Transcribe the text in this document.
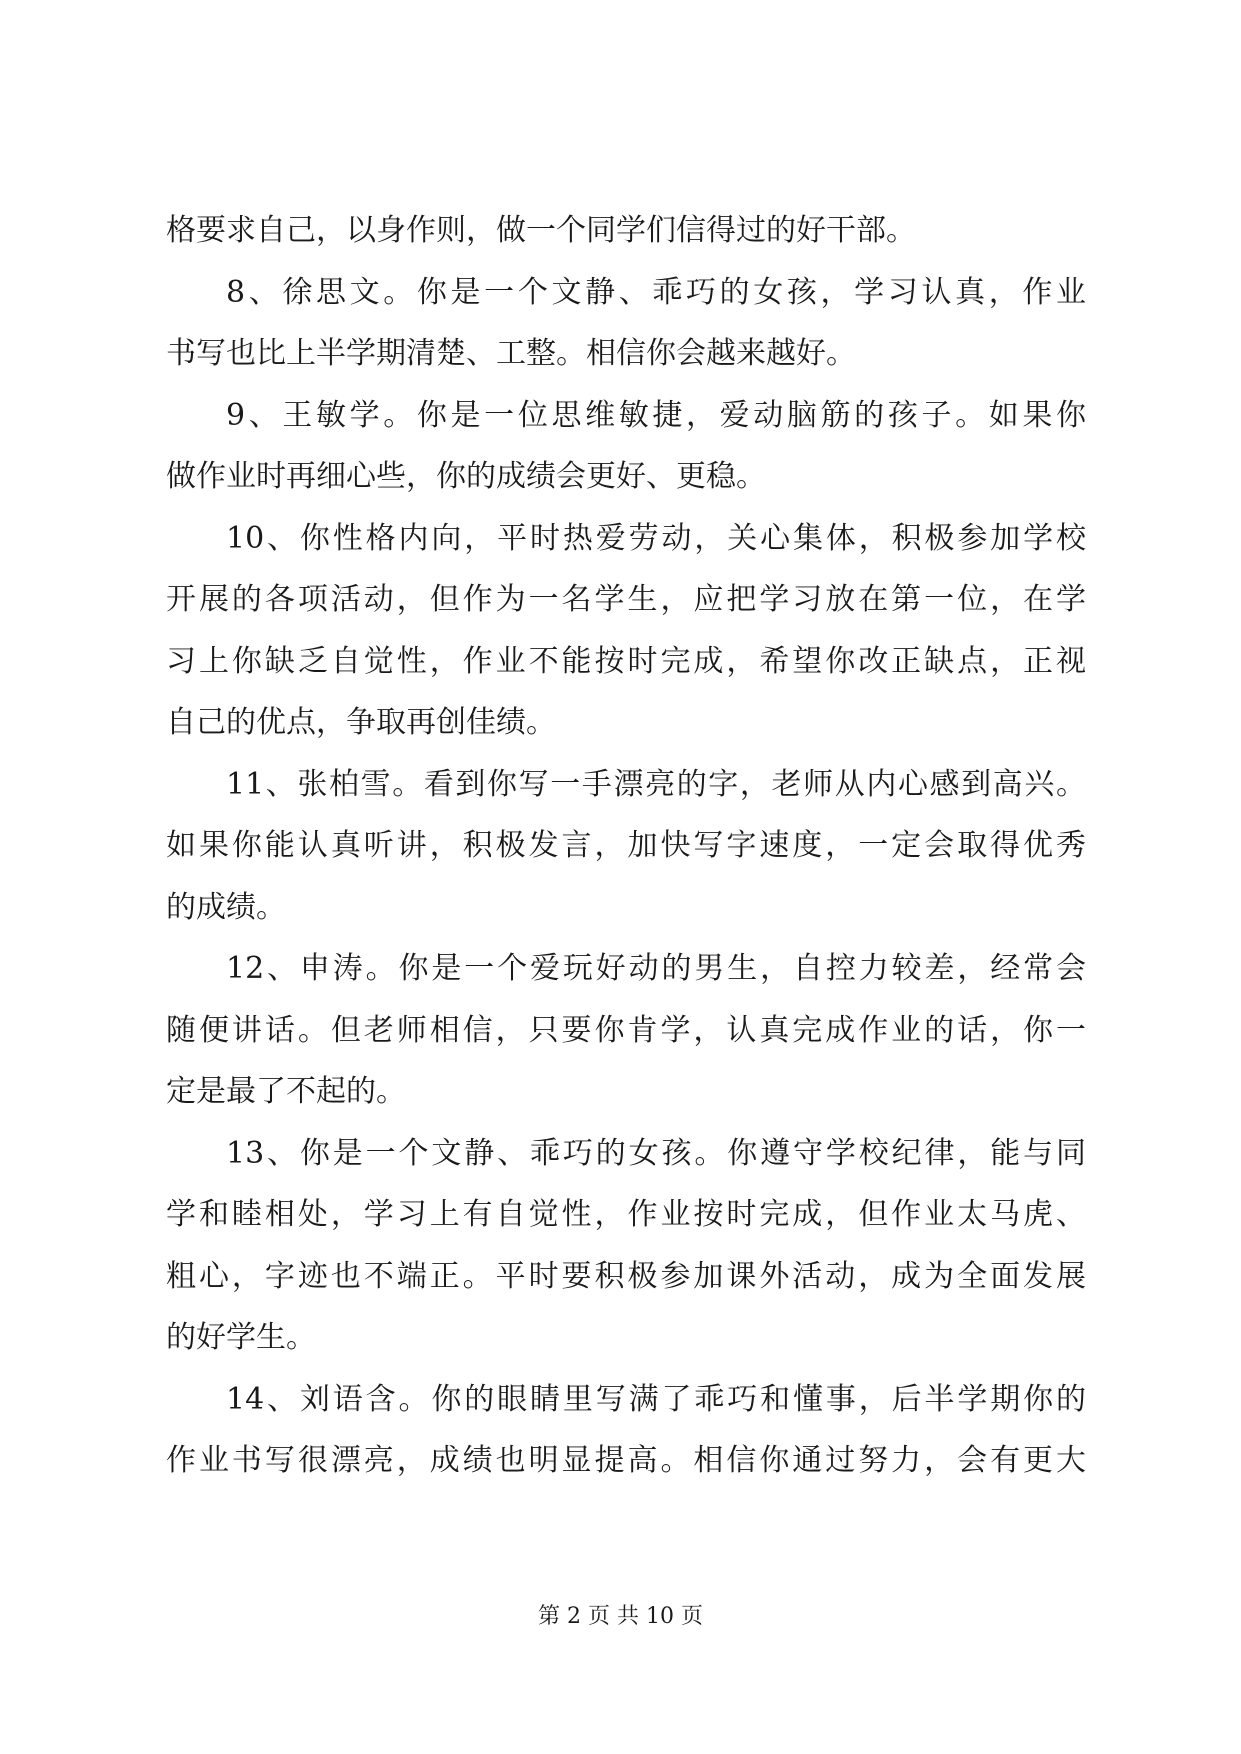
格要求自己，以身作则，做一个同学们信得过的好干部。
8、徐思文。你是一个文静、乖巧的女孩，学习认真，作业
书写也比上半学期清楚、工整。相信你会越来越好。
9、王敏学。你是一位思维敏捷，爱动脑筋的孩子。如果你
做作业时再细心些，你的成绩会更好、更稳。
10、你性格内向，平时热爱劳动，关心集体，积极参加学校
开展的各项活动，但作为一名学生，应把学习放在第一位，在学
习上你缺乏自觉性，作业不能按时完成，希望你改正缺点，正视
自己的优点，争取再创佳绩。
11、张柏雪。看到你写一手漂亮的字，老师从内心感到高兴。
如果你能认真听讲，积极发言，加快写字速度，一定会取得优秀
的成绩。
12、申涛。你是一个爱玩好动的男生，自控力较差，经常会
随便讲话。但老师相信，只要你肯学，认真完成作业的话，你一
定是最了不起的。
13、你是一个文静、乖巧的女孩。你遵守学校纪律，能与同
学和睦相处，学习上有自觉性，作业按时完成，但作业太马虎、
粗心，字迹也不端正。平时要积极参加课外活动，成为全面发展
的好学生。
14、刘语含。你的眼睛里写满了乖巧和懂事，后半学期你的
作业书写很漂亮，成绩也明显提高。相信你通过努力，会有更大
第 2 页 共 10 页
